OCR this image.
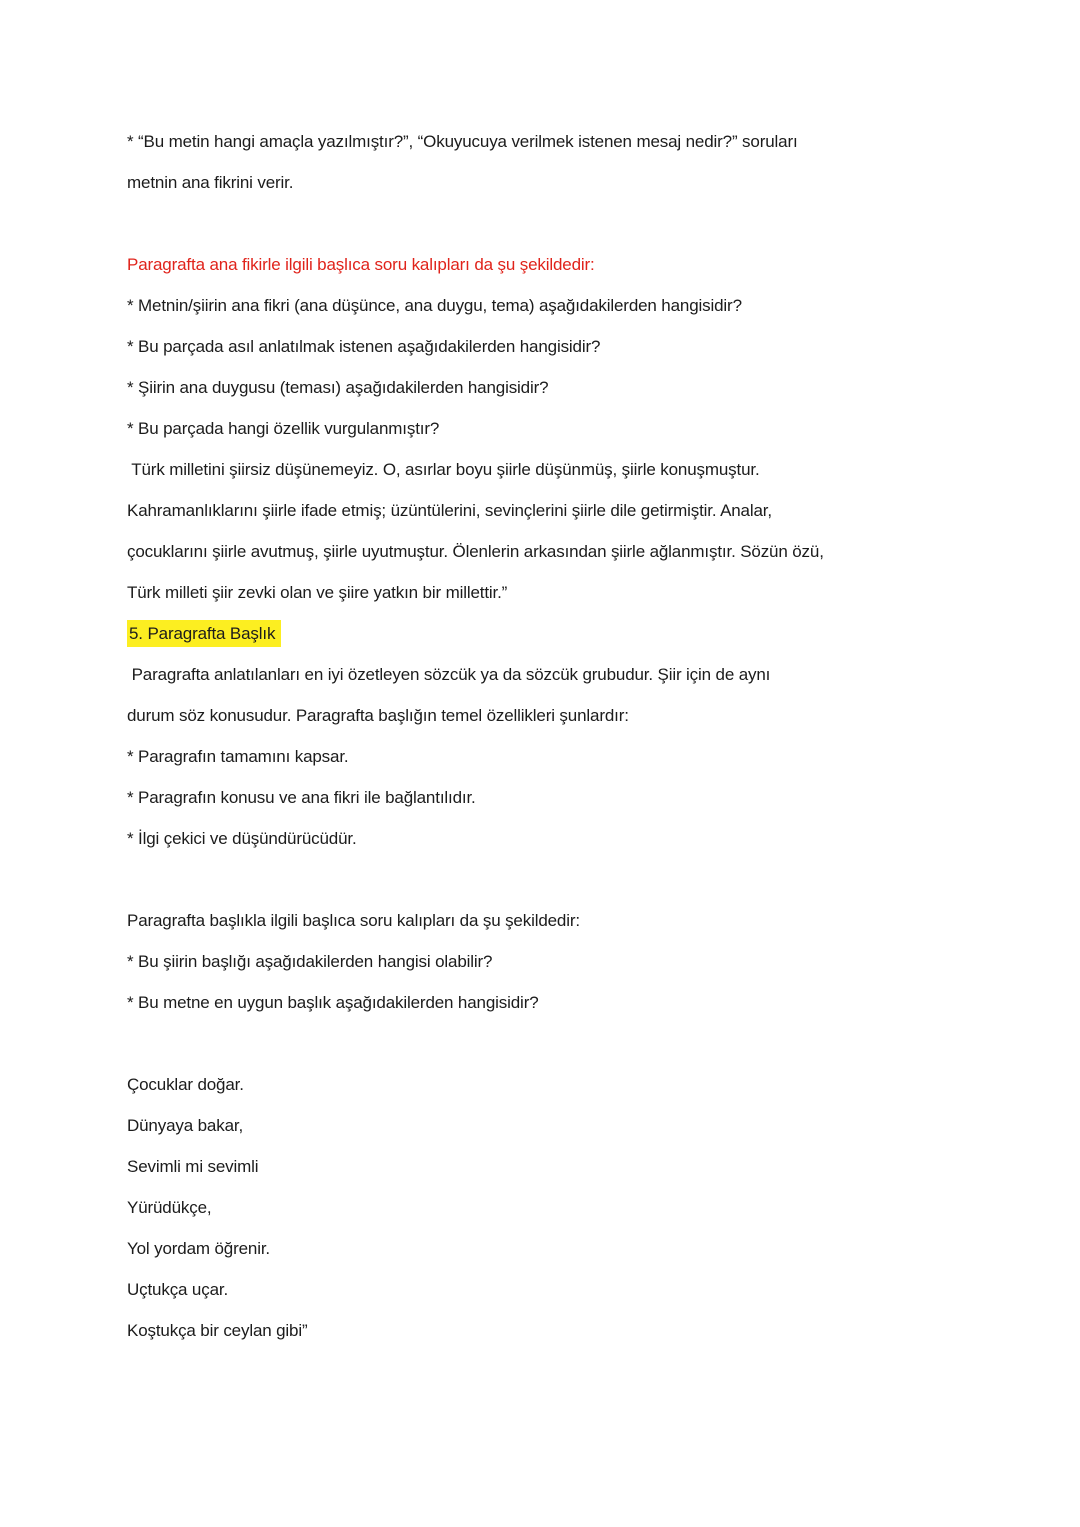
* “Bu metin hangi amaçla yazılmıştır?”, “Okuyucuya verilmek istenen mesaj nedir?” soruları
metnin ana fikrini verir.
Paragrafta ana fikirle ilgili başlıca soru kalıpları da şu şekildedir:
* Metnin/şiirin ana fikri (ana düşünce, ana duygu, tema) aşağıdakilerden hangisidir?
* Bu parçada asıl anlatılmak istenen aşağıdakilerden hangisidir?
* Şiirin ana duygusu (teması) aşağıdakilerden hangisidir?
* Bu parçada hangi özellik vurgulanmıştır?
Türk milletini şiirsiz düşünemeyiz. O, asırlar boyu şiirle düşünmüş, şiirle konuşmuştur.
Kahramanlıklarını şiirle ifade etmiş; üzüntülerini, sevinçlerini şiirle dile getirmiştir. Analar,
çocuklarını şiirle avutmuş, şiirle uyutmuştur. Ölenlerin arkasından şiirle ağlanmıştır. Sözün özü,
Türk milleti şiir zevki olan ve şiire yatkın bir millettir.”
5. Paragrafta Başlık
Paragrafta anlatılanları en iyi özetleyen sözcük ya da sözcük grubudur. Şiir için de aynı
durum söz konusudur. Paragrafta başlığın temel özellikleri şunlardır:
* Paragrafın tamamını kapsar.
* Paragrafın konusu ve ana fikri ile bağlantılıdır.
* İlgi çekici ve düşündürücüdür.
Paragrafta başlıkla ilgili başlıca soru kalıpları da şu şekildedir:
* Bu şiirin başlığı aşağıdakilerden hangisi olabilir?
* Bu metne en uygun başlık aşağıdakilerden hangisidir?
Çocuklar doğar.
Dünyaya bakar,
Sevimli mi sevimli
Yürüdükçe,
Yol yordam öğrenir.
Uçtukça uçar.
Koştukça bir ceylan gibi”
